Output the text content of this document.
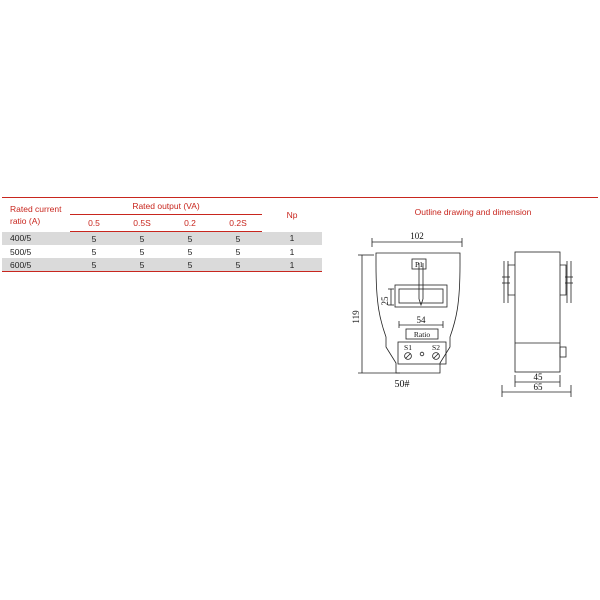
Rated current ratio (A)	Rated output (VA)				Np
	0.5	0.5S	0.2	0.2S	
400/5	5	5	5	5	1
500/5	5	5	5	5	1
600/5	5	5	5	5	1
Outline drawing and dimension
102
119
P1
25
54
Ratio
S1	S2
50#
45
65
